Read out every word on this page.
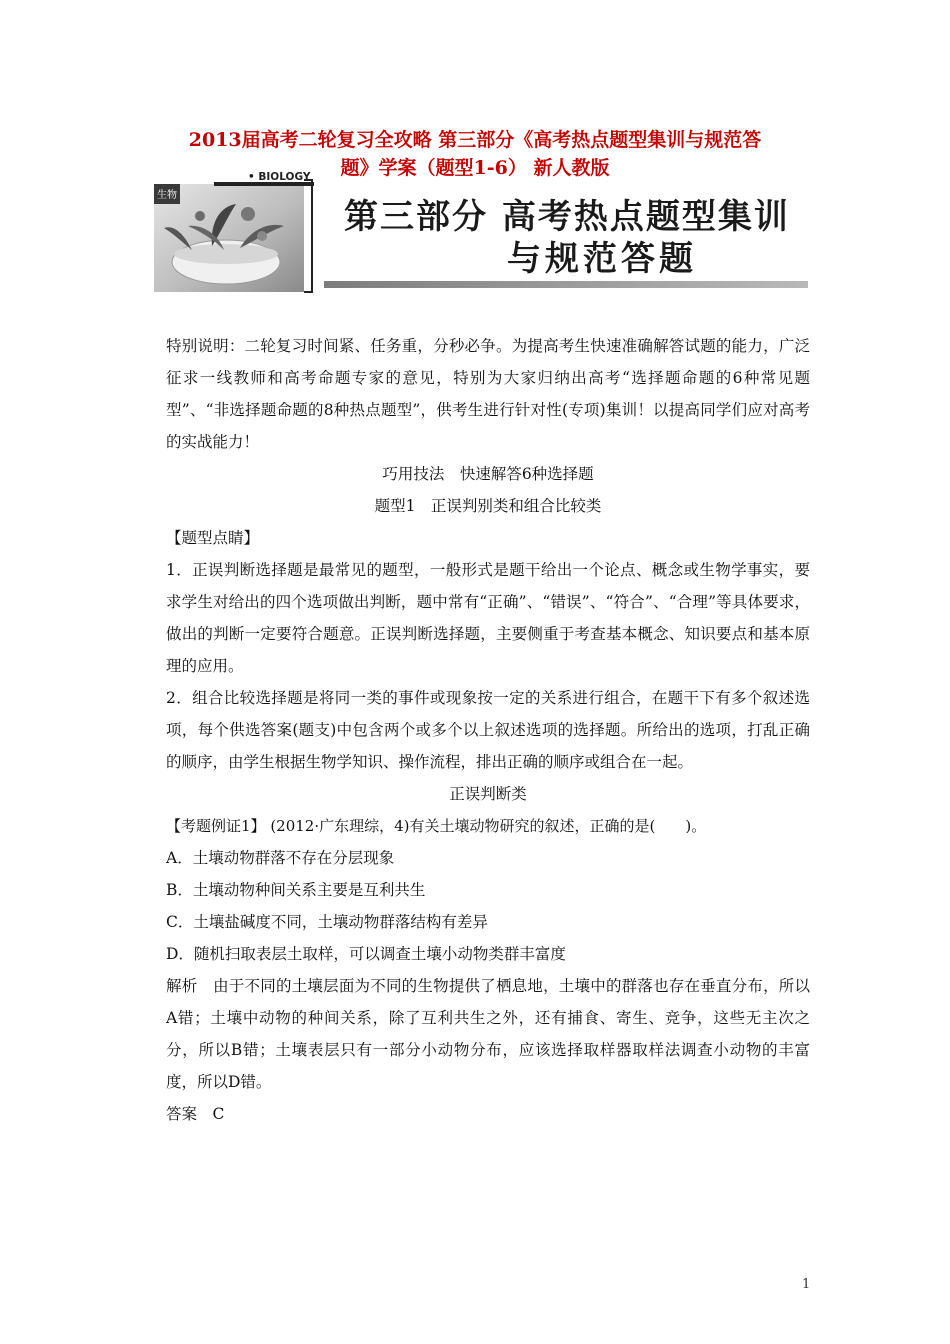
2013届高考二轮复习全攻略 第三部分《高考热点题型集训与规范答
题》学案（题型1-6） 新人教版
生物
• BIOLOGY
第三部分 高考热点题型集训
与规范答题

特别说明：二轮复习时间紧、任务重，分秒必争。为提高考生快速准确解答试题的能力，广泛征求一线教师和高考命题专家的意见，特别为大家归纳出高考“选择题命题的6种常见题型”、“非选择题命题的8种热点题型”，供考生进行针对性(专项)集训！以提高同学们应对高考的实战能力！

巧用技法　快速解答6种选择题

题型1　正误判别类和组合比较类

【题型点睛】

1．正误判断选择题是最常见的题型，一般形式是题干给出一个论点、概念或生物学事实，要求学生对给出的四个选项做出判断，题中常有“正确”、“错误”、“符合”、“合理”等具体要求，做出的判断一定要符合题意。正误判断选择题，主要侧重于考查基本概念、知识要点和基本原理的应用。

2．组合比较选择题是将同一类的事件或现象按一定的关系进行组合，在题干下有多个叙述选项，每个供选答案(题支)中包含两个或多个以上叙述选项的选择题。所给出的选项，打乱正确的顺序，由学生根据生物学知识、操作流程，排出正确的顺序或组合在一起。

正误判断类

【考题例证1】 (2012·广东理综，4)有关土壤动物研究的叙述，正确的是(　　)。

A．土壤动物群落不存在分层现象

B．土壤动物种间关系主要是互利共生

C．土壤盐碱度不同，土壤动物群落结构有差异

D．随机扫取表层土取样，可以调查土壤小动物类群丰富度

解析　由于不同的土壤层面为不同的生物提供了栖息地，土壤中的群落也存在垂直分布，所以A错；土壤中动物的种间关系，除了互利共生之外，还有捕食、寄生、竞争，这些无主次之分，所以B错；土壤表层只有一部分小动物分布，应该选择取样器取样法调查小动物的丰富度，所以D错。

答案　C

1
